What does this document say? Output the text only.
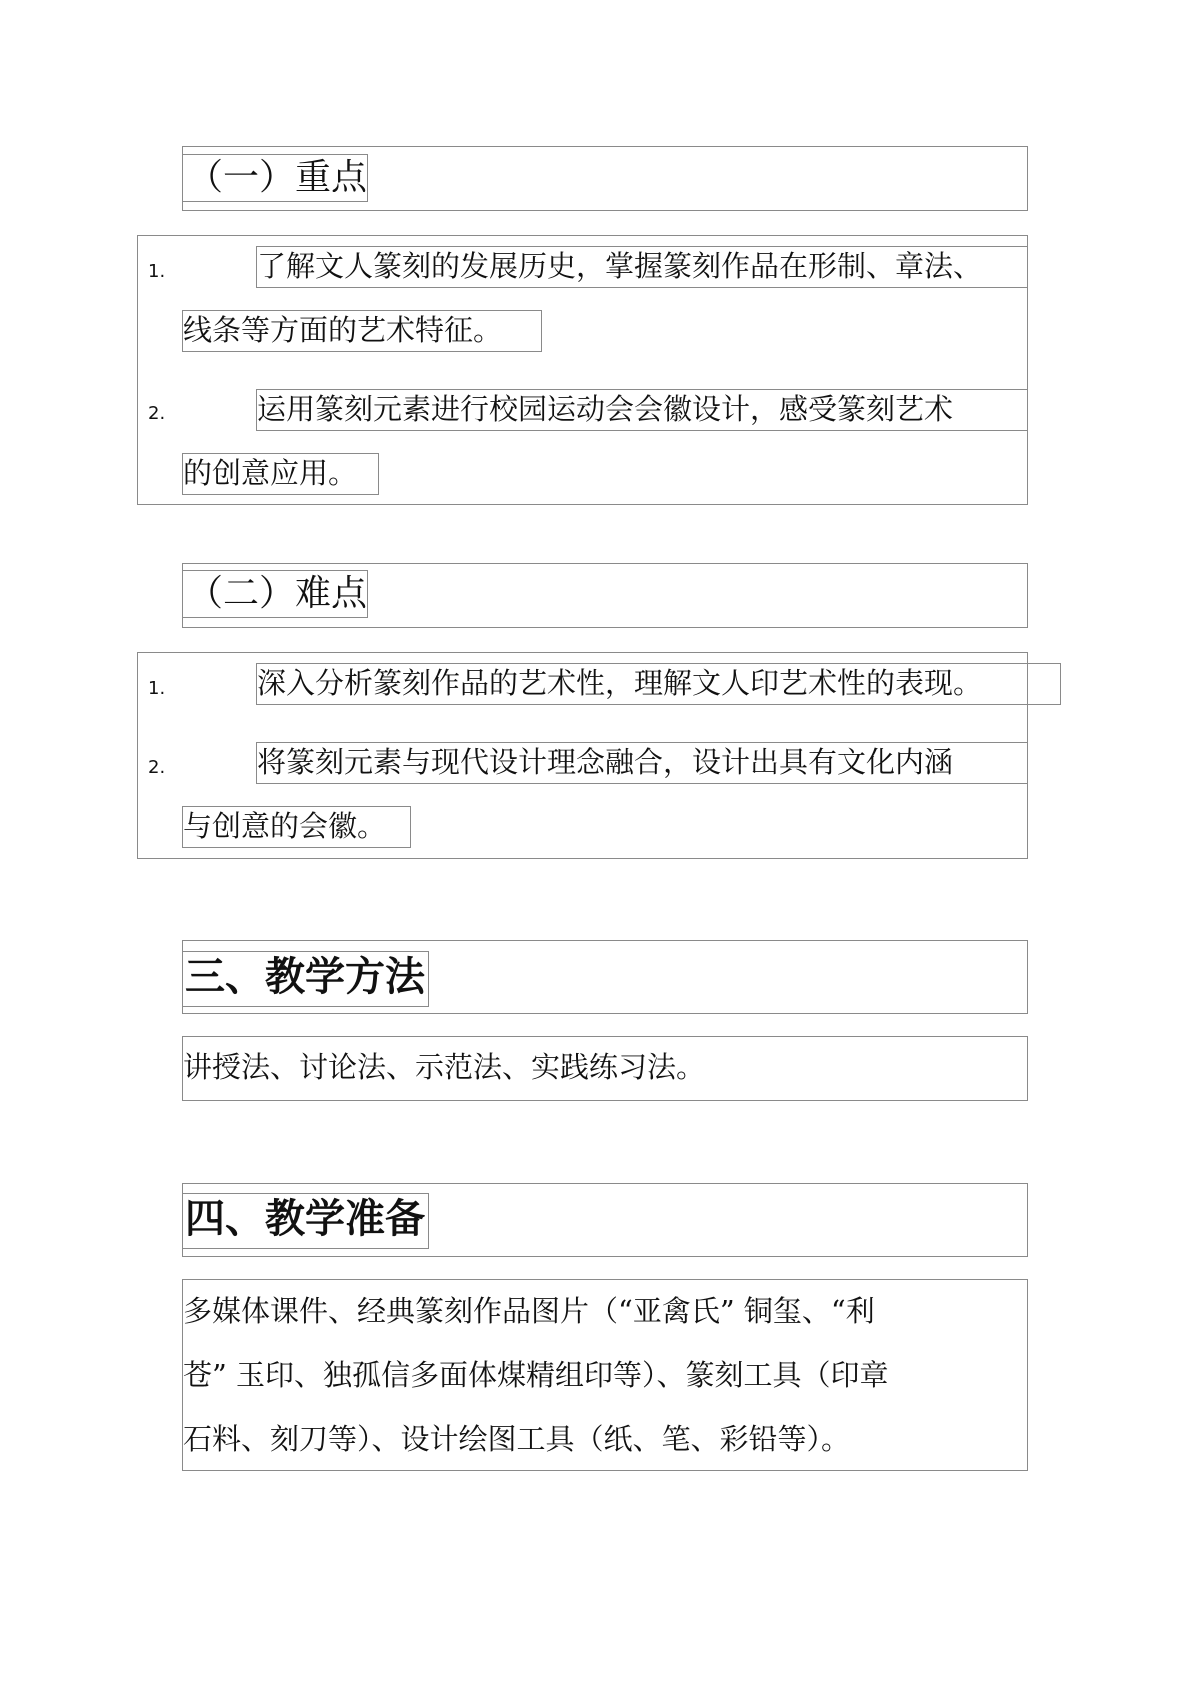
（一）重点
1.	了解文人篆刻的发展历史，掌握篆刻作品在形制、章法、
线条等方面的艺术特征。
2.	运用篆刻元素进行校园运动会会徽设计，感受篆刻艺术
的创意应用。
（二）难点
1.	深入分析篆刻作品的艺术性，理解文人印艺术性的表现。
2.	将篆刻元素与现代设计理念融合，设计出具有文化内涵
与创意的会徽。
三、教学方法
讲授法、讨论法、示范法、实践练习法。
四、教学准备
多媒体课件、经典篆刻作品图片（“亚禽氏” 铜玺、“利
苍” 玉印、独孤信多面体煤精组印等）、篆刻工具（印章
石料、刻刀等）、设计绘图工具（纸、笔、彩铅等）。
